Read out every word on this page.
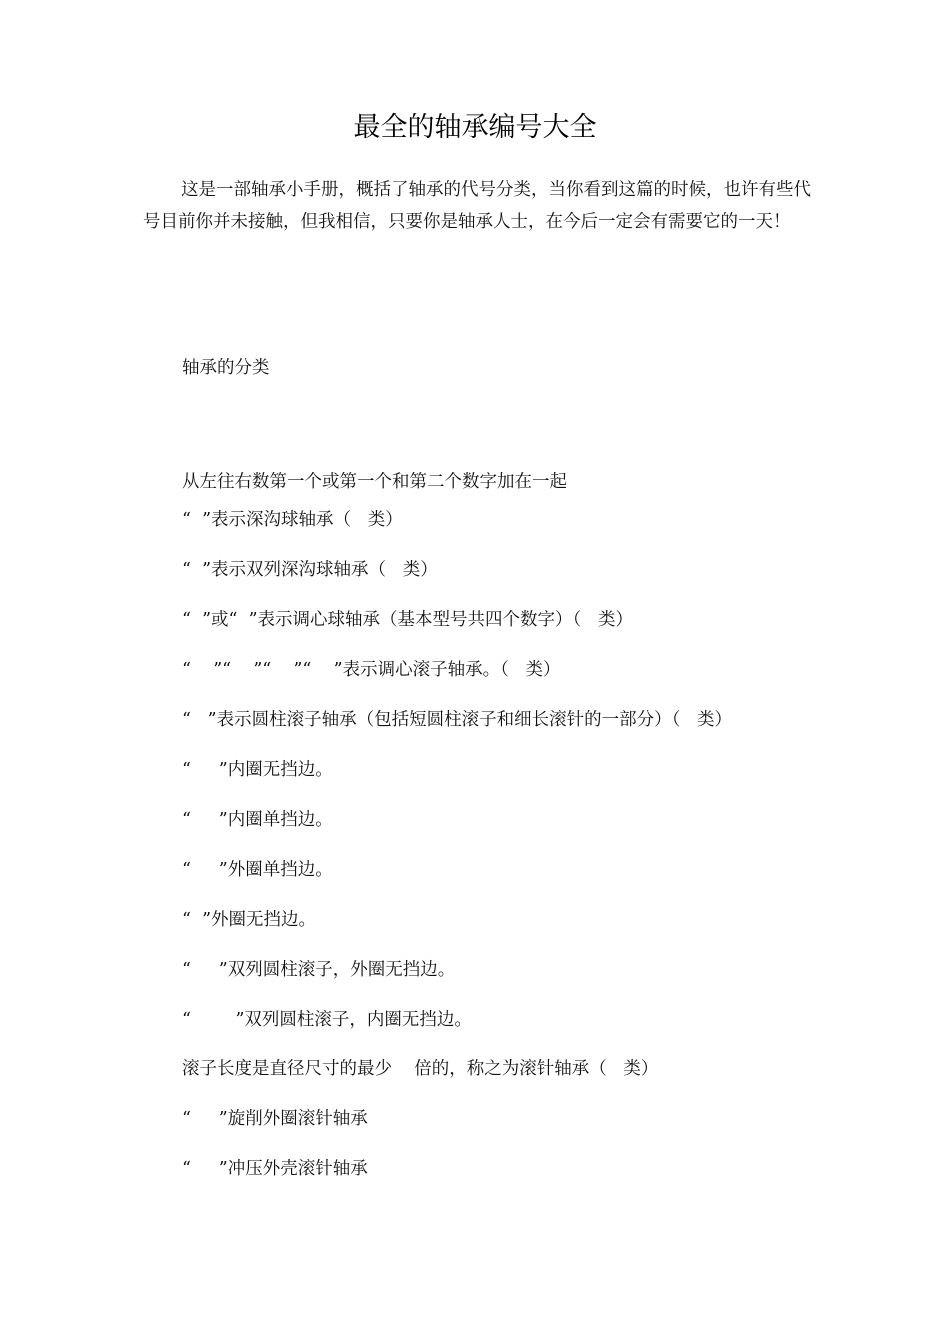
最全的轴承编号大全
这是一部轴承小手册，概括了轴承的代号分类，当你看到这篇的时候，也许有些代号目前你并未接触，但我相信，只要你是轴承人士，在今后一定会有需要它的一天！
轴承的分类
从左往右数第一个或第一个和第二个数字加在一起
“  ”表示深沟球轴承（   类）
“  ”表示双列深沟球轴承（   类）
“  ”或“  ”表示调心球轴承（基本型号共四个数字）（   类）
“    ”“    ”“    ”“    ”表示调心滚子轴承。（   类）
“   ”表示圆柱滚子轴承（包括短圆柱滚子和细长滚针的一部分）（   类）
“     ”内圈无挡边。
“     ”内圈单挡边。
“     ”外圈单挡边。
“  ”外圈无挡边。
“     ”双列圆柱滚子，外圈无挡边。
“        ”双列圆柱滚子，内圈无挡边。
滚子长度是直径尺寸的最少    倍的，称之为滚针轴承（   类）
“     ”旋削外圈滚针轴承
“     ”冲压外壳滚针轴承
